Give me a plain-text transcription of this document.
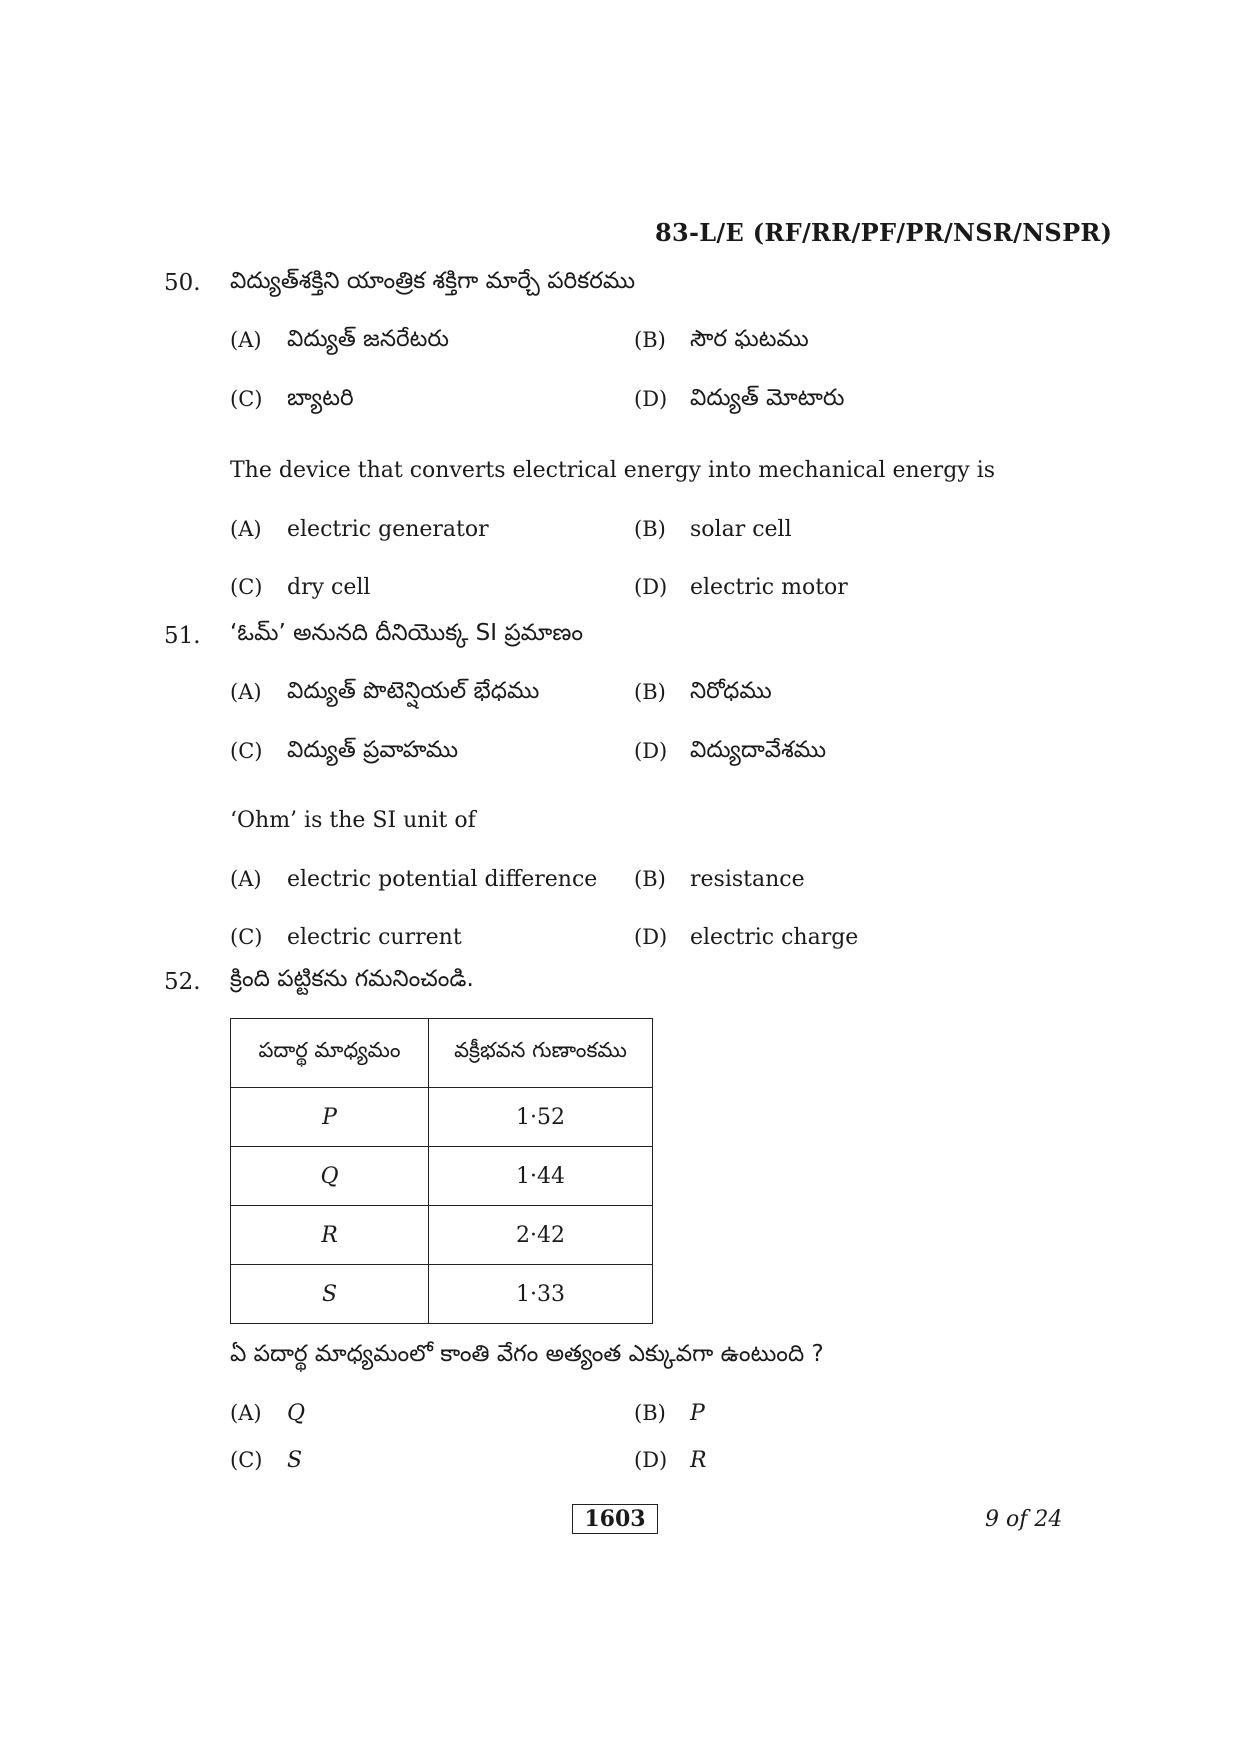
83-L/E (RF/RR/PF/PR/NSR/NSPR)
50. విద్యుత్‌శక్తిని యాంత్రిక శక్తిగా మార్చే పరికరము
(A) విద్యుత్ జనరేటరు	(B) సౌర ఘటము
(C) బ్యాటరి	(D) విద్యుత్ మోటారు
The device that converts electrical energy into mechanical energy is
(A) electric generator	(B) solar cell
(C) dry cell	(D) electric motor
51. ‘ఓమ్’ అనునది దీనియొక్క SI ప్రమాణం
(A) విద్యుత్ పొటెన్షియల్ భేధము	(B) నిరోధము
(C) విద్యుత్ ప్రవాహము	(D) విద్యుదావేశము
‘Ohm’ is the SI unit of
(A) electric potential difference (B) resistance
(C) electric current	(D) electric charge
52. క్రింది పట్టికను గమనించండి.
పదార్థ మాధ్యమం	వక్రీభవన గుణాంకము
P	1·52
Q	1·44
R	2·42
S	1·33
ఏ పదార్థ మాధ్యమంలో కాంతి వేగం అత్యంత ఎక్కువగా ఉంటుంది ?
(A) Q	(B) P
(C) S	(D) R
1603	9 of 24
